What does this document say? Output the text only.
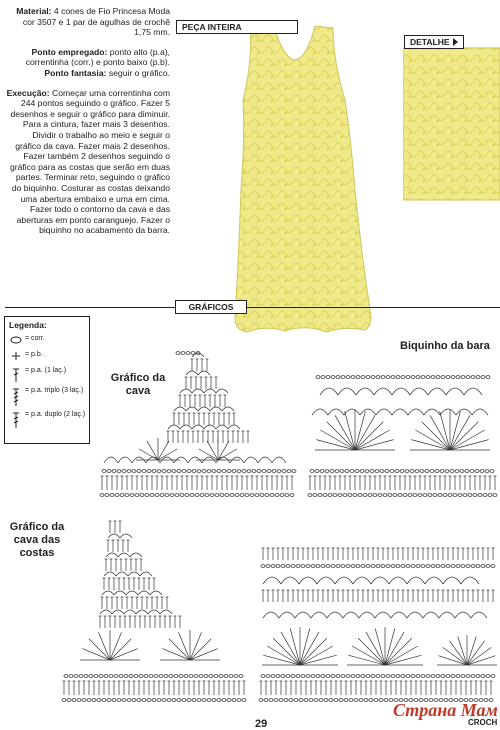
Material: 4 cones de Fio Princesa Moda cor 3507 e 1 par de agulhas de crochê 1,75 mm.

Ponto empregado: ponto alto (p.a), correntinha (corr.) e ponto baixo (p.b).
Ponto fantasia: seguir o gráfico.

Execução: Começar uma correntinha com 244 pontos seguindo o gráfico. Fazer 5 desenhos e seguir o gráfico para diminuir. Para a cintura, fazer mais 3 desenhos. Dividir o trabalho ao meio e seguir o gráfico da cava. Fazer mais 2 desenhos. Fazer também 2 desenhos seguindo o gráfico para as costas que serão em duas partes. Terminar reto, seguindo o gráfico do biquinho. Costurar as costas deixando uma abertura embaixo e uma em cima. Fazer todo o contorno da cava e das aberturas em ponto caranguejo. Fazer o biquinho no acabamento da barra.

PEÇA INTEIRA
DETALHE
GRÁFICOS
Legenda:
= corr.
= p.b.
= p.a. (1 laç.)
= p.a. triplo (3 laç.)
= p.a. duplo (2 laç.)
Gráfico da cava
Biquinho da bara
Gráfico da cava das costas
29	CROCH
Страна Мам
